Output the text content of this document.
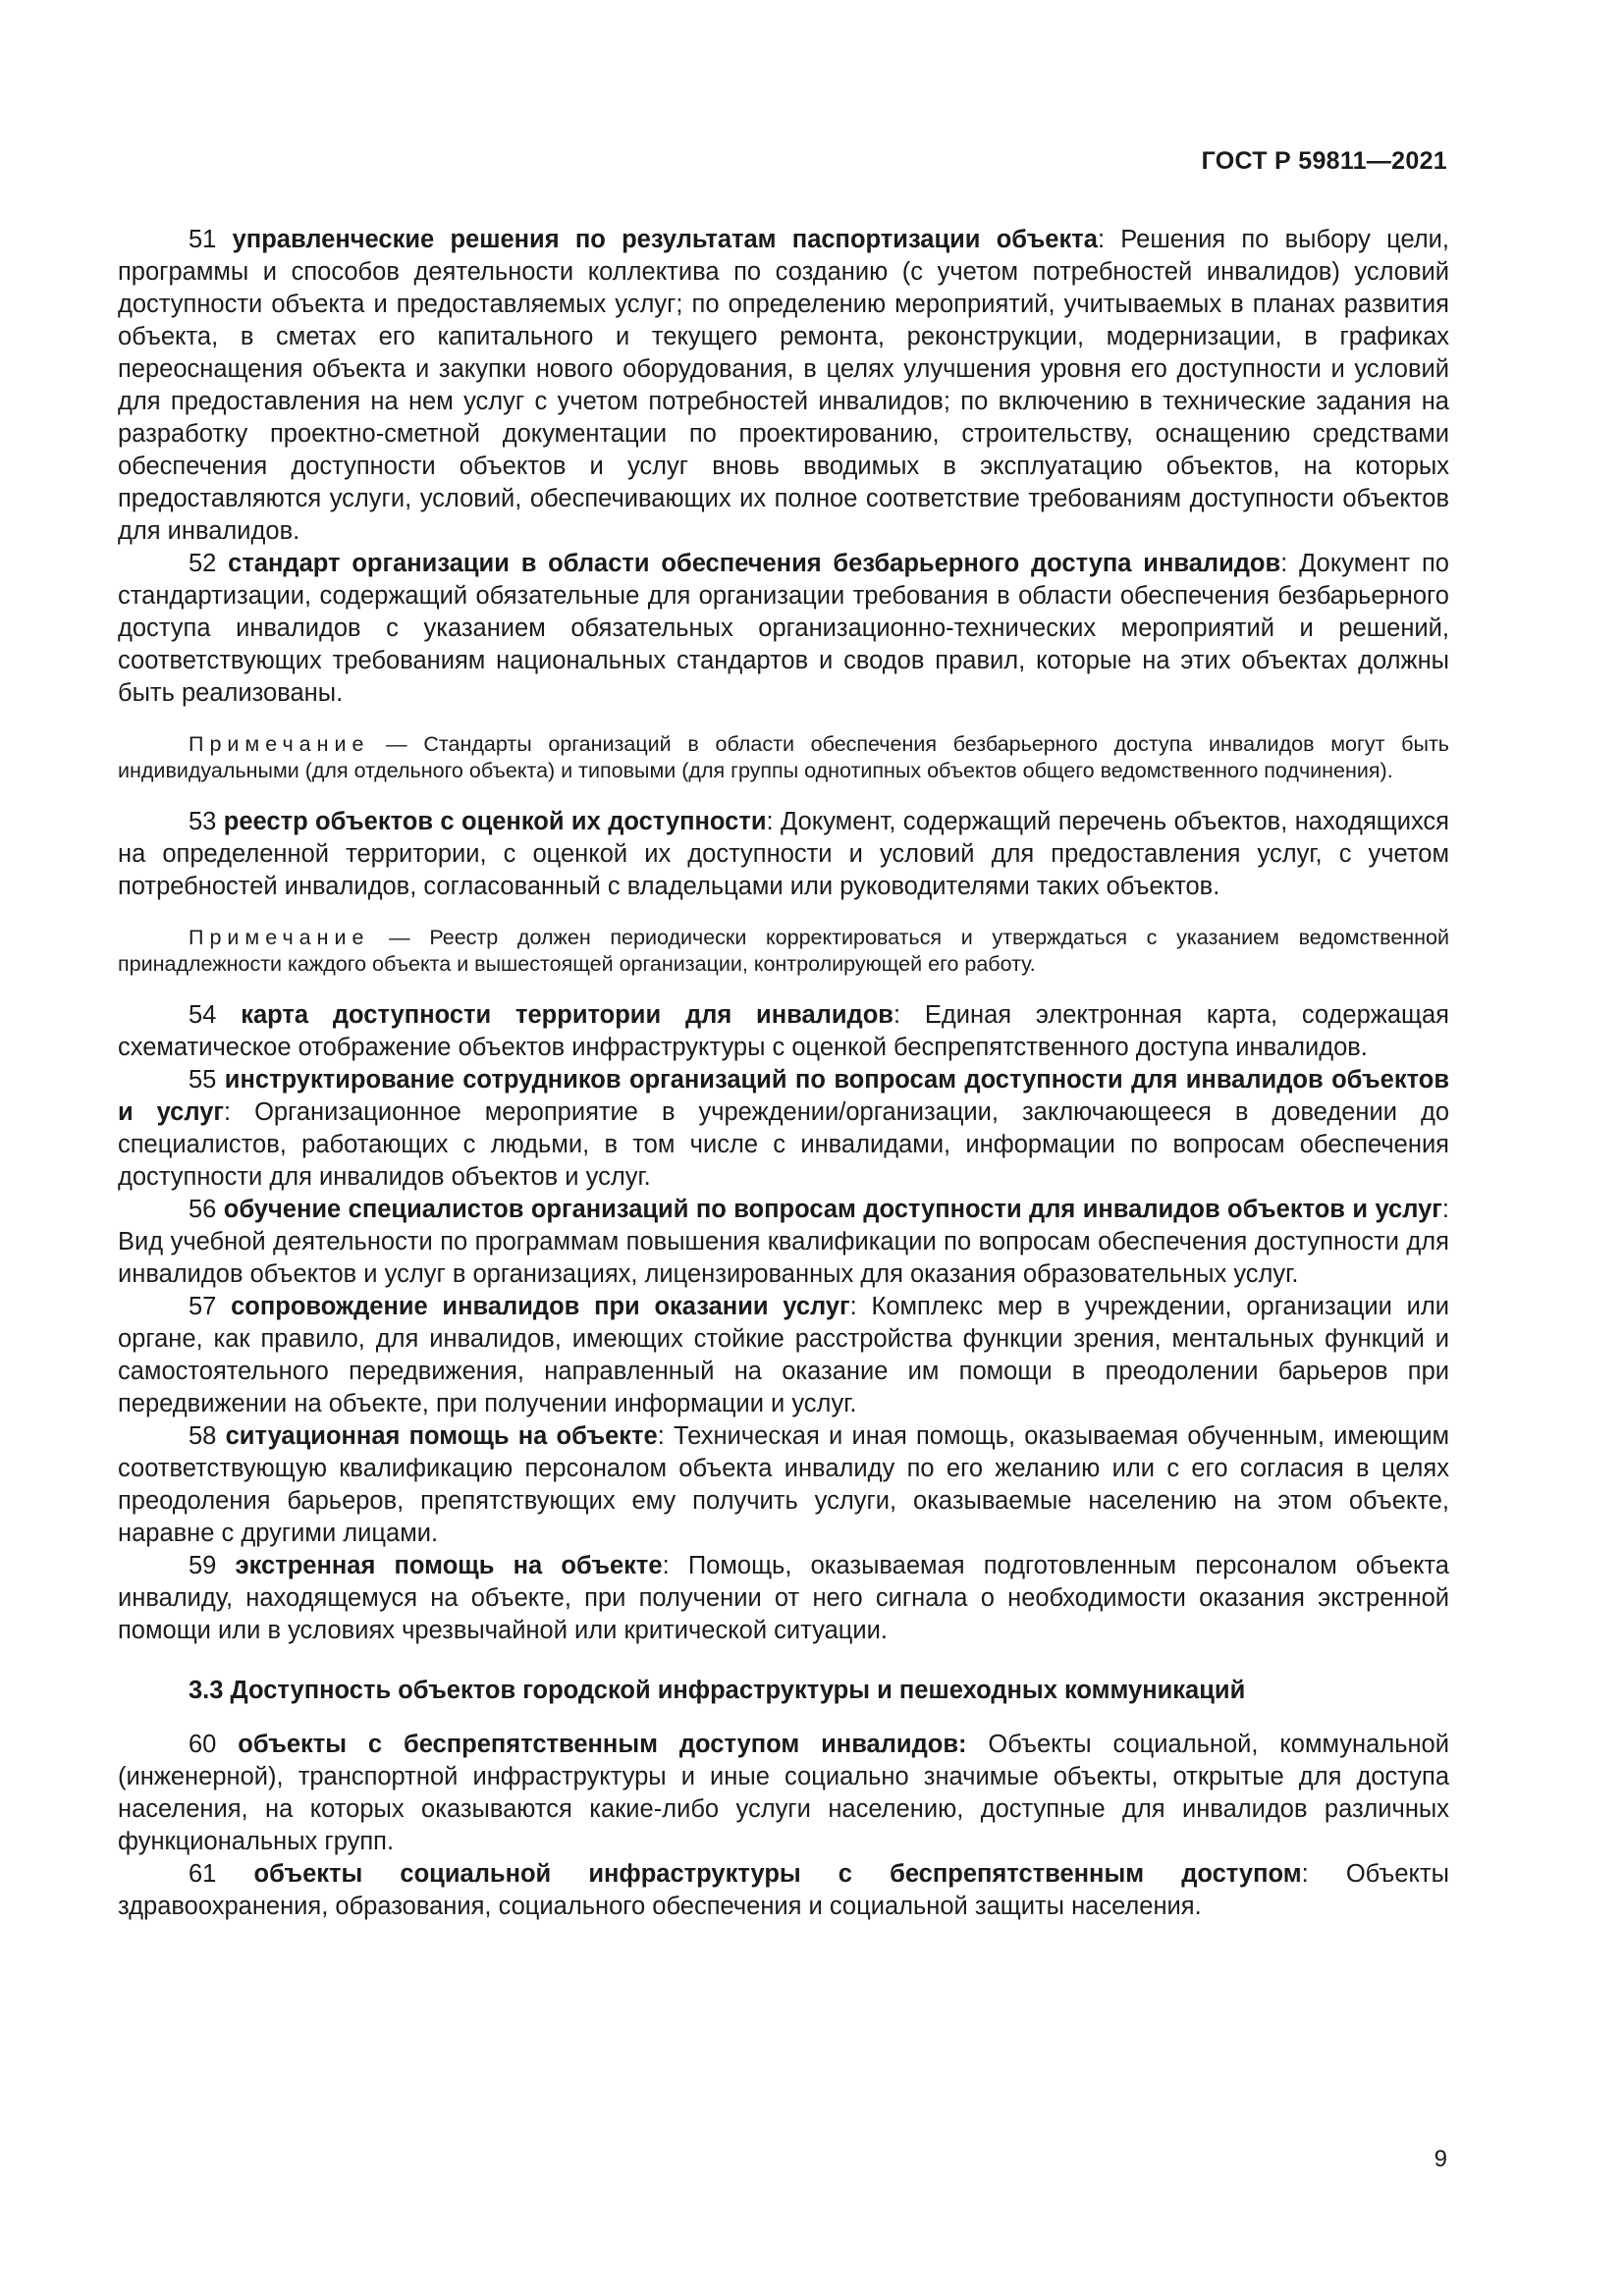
ГОСТ Р 59811—2021

51 управленческие решения по результатам паспортизации объекта: Решения по выбору цели, программы и способов деятельности коллектива по созданию (с учетом потребностей инвалидов) условий доступности объекта и предоставляемых услуг; по определению мероприятий, учитываемых в планах развития объекта, в сметах его капитального и текущего ремонта, реконструкции, модернизации, в графиках переоснащения объекта и закупки нового оборудования, в целях улучшения уровня его доступности и условий для предоставления на нем услуг с учетом потребностей инвалидов; по включению в технические задания на разработку проектно-сметной документации по проектированию, строительству, оснащению средствами обеспечения доступности объектов и услуг вновь вводимых в эксплуатацию объектов, на которых предоставляются услуги, условий, обеспечивающих их полное соответствие требованиям доступности объектов для инвалидов.

52 стандарт организации в области обеспечения безбарьерного доступа инвалидов: Документ по стандартизации, содержащий обязательные для организации требования в области обеспечения безбарьерного доступа инвалидов с указанием обязательных организационно-технических мероприятий и решений, соответствующих требованиям национальных стандартов и сводов правил, которые на этих объектах должны быть реализованы.

Примечание — Стандарты организаций в области обеспечения безбарьерного доступа инвалидов могут быть индивидуальными (для отдельного объекта) и типовыми (для группы однотипных объектов общего ведомственного подчинения).

53 реестр объектов с оценкой их доступности: Документ, содержащий перечень объектов, находящихся на определенной территории, с оценкой их доступности и условий для предоставления услуг, с учетом потребностей инвалидов, согласованный с владельцами или руководителями таких объектов.

Примечание — Реестр должен периодически корректироваться и утверждаться с указанием ведомственной принадлежности каждого объекта и вышестоящей организации, контролирующей его работу.

54 карта доступности территории для инвалидов: Единая электронная карта, содержащая схематическое отображение объектов инфраструктуры с оценкой беспрепятственного доступа инвалидов.

55 инструктирование сотрудников организаций по вопросам доступности для инвалидов объектов и услуг: Организационное мероприятие в учреждении/организации, заключающееся в доведении до специалистов, работающих с людьми, в том числе с инвалидами, информации по вопросам обеспечения доступности для инвалидов объектов и услуг.

56 обучение специалистов организаций по вопросам доступности для инвалидов объектов и услуг: Вид учебной деятельности по программам повышения квалификации по вопросам обеспечения доступности для инвалидов объектов и услуг в организациях, лицензированных для оказания образовательных услуг.

57 сопровождение инвалидов при оказании услуг: Комплекс мер в учреждении, организации или органе, как правило, для инвалидов, имеющих стойкие расстройства функции зрения, ментальных функций и самостоятельного передвижения, направленный на оказание им помощи в преодолении барьеров при передвижении на объекте, при получении информации и услуг.

58 ситуационная помощь на объекте: Техническая и иная помощь, оказываемая обученным, имеющим соответствующую квалификацию персоналом объекта инвалиду по его желанию или с его согласия в целях преодоления барьеров, препятствующих ему получить услуги, оказываемые населению на этом объекте, наравне с другими лицами.

59 экстренная помощь на объекте: Помощь, оказываемая подготовленным персоналом объекта инвалиду, находящемуся на объекте, при получении от него сигнала о необходимости оказания экстренной помощи или в условиях чрезвычайной или критической ситуации.

3.3 Доступность объектов городской инфраструктуры и пешеходных коммуникаций

60 объекты с беспрепятственным доступом инвалидов: Объекты социальной, коммунальной (инженерной), транспортной инфраструктуры и иные социально значимые объекты, открытые для доступа населения, на которых оказываются какие-либо услуги населению, доступные для инвалидов различных функциональных групп.

61 объекты социальной инфраструктуры с беспрепятственным доступом: Объекты здравоохранения, образования, социального обеспечения и социальной защиты населения.

9
